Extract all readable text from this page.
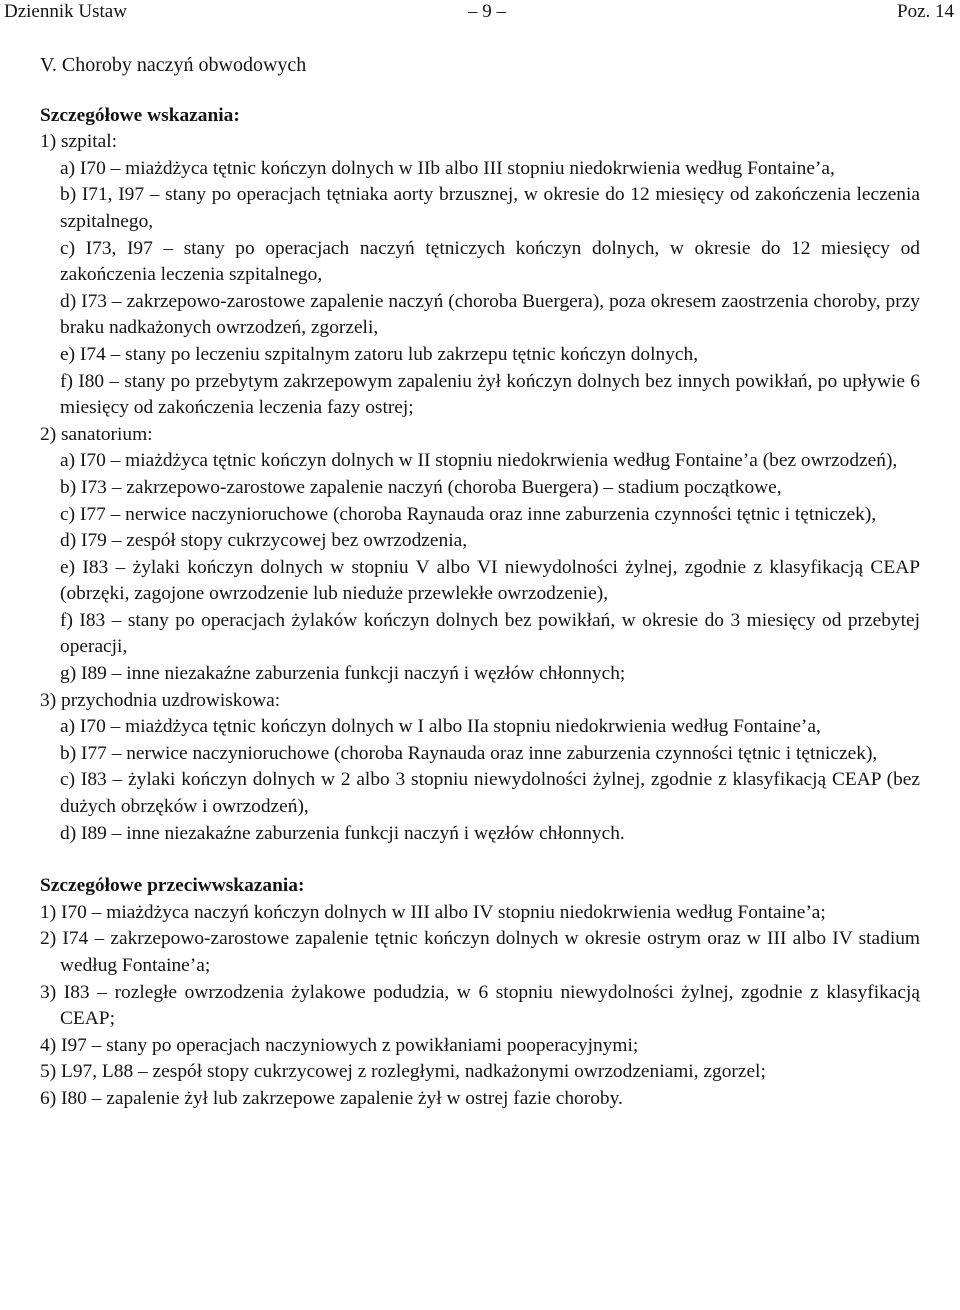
Dziennik Ustaw	– 9 –	Poz. 14
V. Choroby naczyń obwodowych
Szczegółowe wskazania:
1) szpital:
a) I70 – miażdżyca tętnic kończyn dolnych w IIb albo III stopniu niedokrwienia według Fontaine’a,
b) I71, I97 – stany po operacjach tętniaka aorty brzusznej, w okresie do 12 miesięcy od zakończenia leczenia szpitalnego,
c) I73, I97 – stany po operacjach naczyń tętniczych kończyn dolnych, w okresie do 12 miesięcy od zakończenia leczenia szpitalnego,
d) I73 – zakrzepowo-zarostowe zapalenie naczyń (choroba Buergera), poza okresem zaostrzenia choroby, przy braku nadkażonych owrzodzeń, zgorzeli,
e) I74 – stany po leczeniu szpitalnym zatoru lub zakrzepu tętnic kończyn dolnych,
f) I80 – stany po przebytym zakrzepowym zapaleniu żył kończyn dolnych bez innych powikłań, po upływie 6 miesięcy od zakończenia leczenia fazy ostrej;
2) sanatorium:
a) I70 – miażdżyca tętnic kończyn dolnych w II stopniu niedokrwienia według Fontaine’a (bez owrzodzeń),
b) I73 – zakrzepowo-zarostowe zapalenie naczyń (choroba Buergera) – stadium początkowe,
c) I77 – nerwice naczynioruchowe (choroba Raynauda oraz inne zaburzenia czynności tętnic i tętniczek),
d) I79 – zespół stopy cukrzycowej bez owrzodzenia,
e) I83 – żylaki kończyn dolnych w stopniu V albo VI niewydolności żylnej, zgodnie z klasyfikacją CEAP (obrzęki, zagojone owrzodzenie lub nieduże przewlekłe owrzodzenie),
f) I83 – stany po operacjach żylaków kończyn dolnych bez powikłań, w okresie do 3 miesięcy od przebytej operacji,
g) I89 – inne niezakaźne zaburzenia funkcji naczyń i węzłów chłonnych;
3) przychodnia uzdrowiskowa:
a) I70 – miażdżyca tętnic kończyn dolnych w I albo IIa stopniu niedokrwienia według Fontaine’a,
b) I77 – nerwice naczynioruchowe (choroba Raynauda oraz inne zaburzenia czynności tętnic i tętniczek),
c) I83 – żylaki kończyn dolnych w 2 albo 3 stopniu niewydolności żylnej, zgodnie z klasyfikacją CEAP (bez dużych obrzęków i owrzodzeń),
d) I89 – inne niezakaźne zaburzenia funkcji naczyń i węzłów chłonnych.
Szczegółowe przeciwwskazania:
1) I70 – miażdżyca naczyń kończyn dolnych w III albo IV stopniu niedokrwienia według Fontaine’a;
2) I74 – zakrzepowo-zarostowe zapalenie tętnic kończyn dolnych w okresie ostrym oraz w III albo IV stadium według Fontaine’a;
3) I83 – rozległe owrzodzenia żylakowe podudzia, w 6 stopniu niewydolności żylnej, zgodnie z klasyfikacją CEAP;
4) I97 – stany po operacjach naczyniowych z powikłaniami pooperacyjnymi;
5) L97, L88 – zespół stopy cukrzycowej z rozległymi, nadkażonymi owrzodzeniami, zgorzel;
6) I80 – zapalenie żył lub zakrzepowe zapalenie żył w ostrej fazie choroby.
